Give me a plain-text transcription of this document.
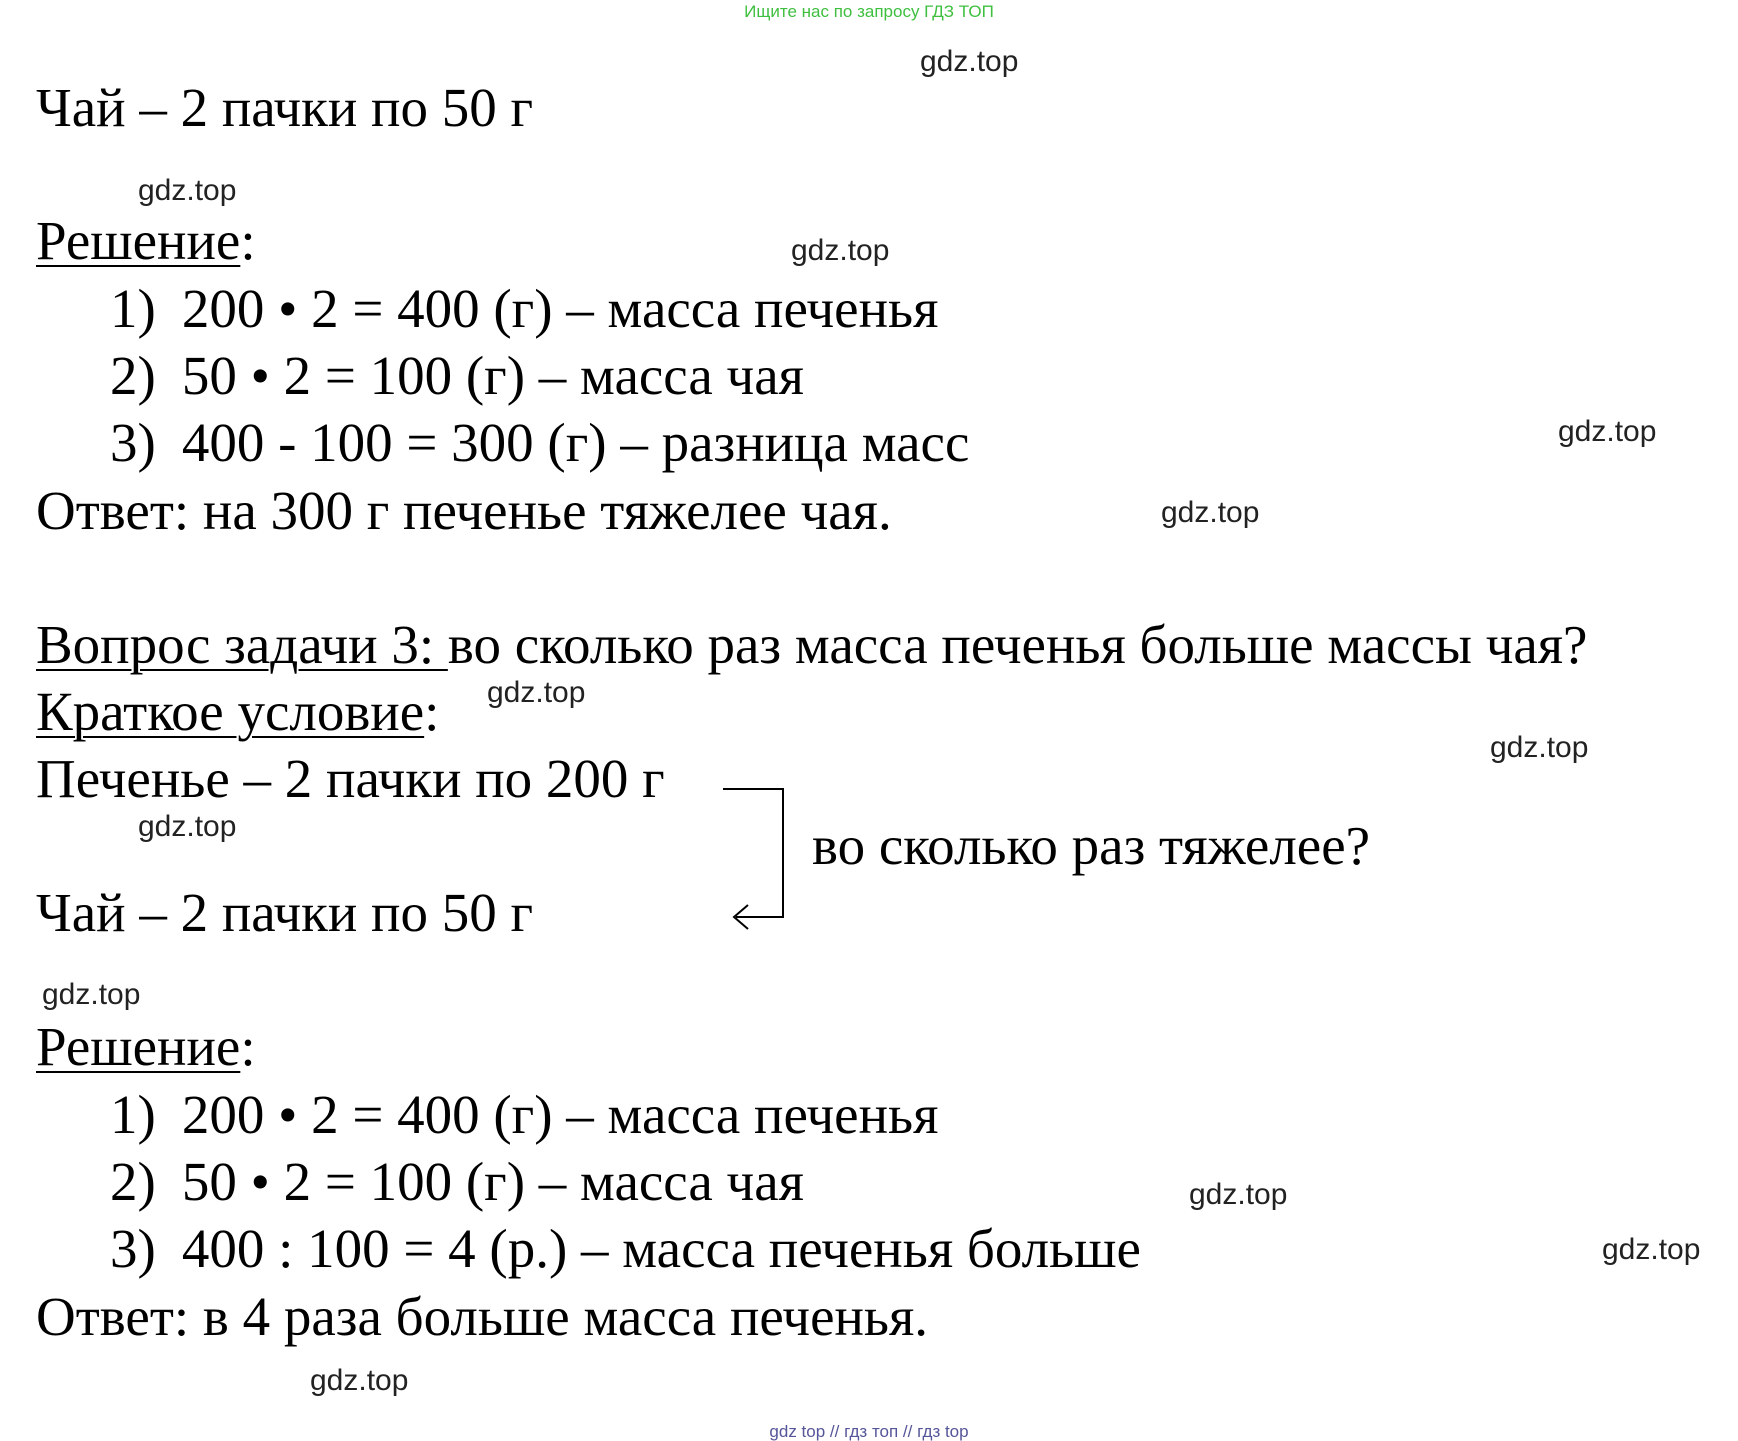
Ищите нас по запросу ГДЗ ТОП
gdz.top
gdz.top
gdz.top
gdz.top
gdz.top
gdz.top
gdz.top
gdz.top
gdz.top
gdz.top
gdz.top
gdz.top
Чай – 2 пачки по 50 г
Решение:
1) 200 • 2 = 400 (г) – масса печенья
2) 50 • 2 = 100 (г) – масса чая
3) 400 - 100 = 300 (г) – разница масс
Ответ: на 300 г печенье тяжелее чая.
Вопрос задачи 3: во сколько раз масса печенья больше массы чая?
Краткое условие:
Печенье – 2 пачки по 200 г
во сколько раз тяжелее?
Чай – 2 пачки по 50 г
Решение:
1) 200 • 2 = 400 (г) – масса печенья
2) 50 • 2 = 100 (г) – масса чая
3) 400 : 100 = 4 (р.) – масса печенья больше
Ответ: в 4 раза больше масса печенья.
gdz top // гдз топ // гдз top
